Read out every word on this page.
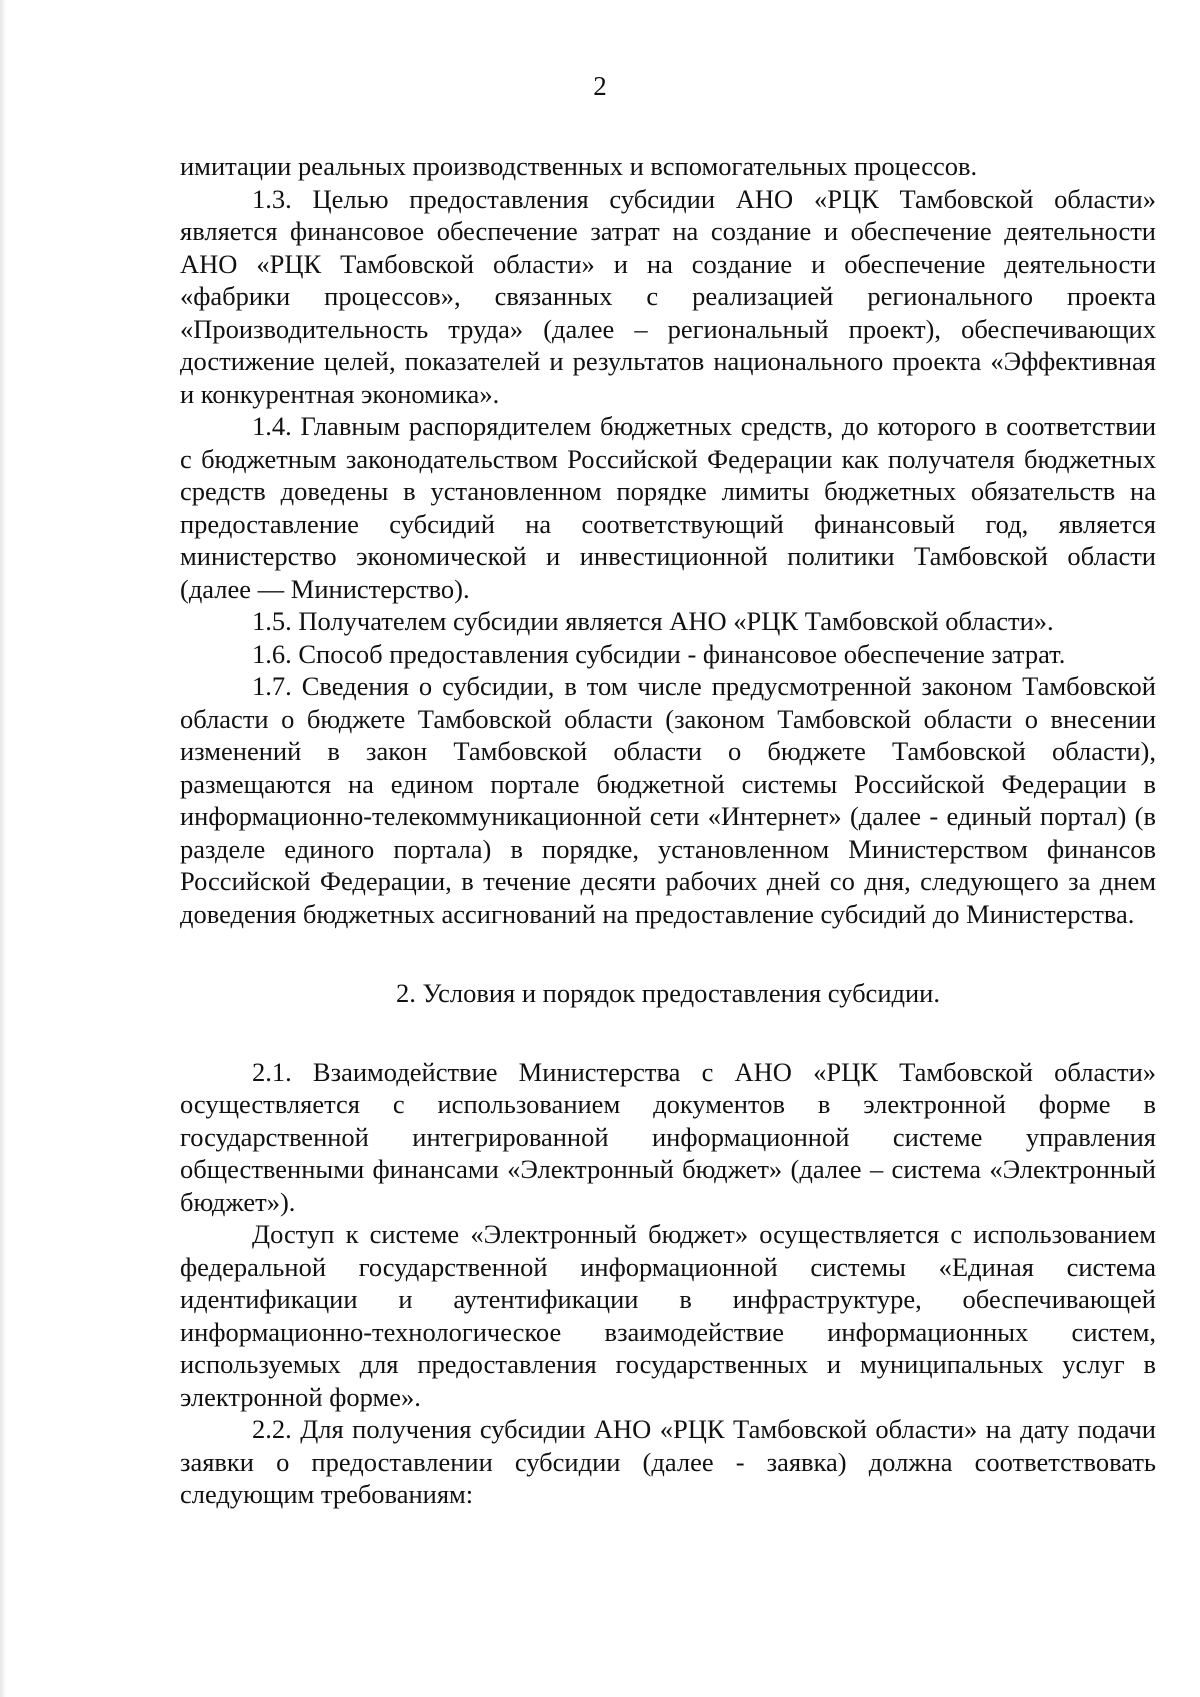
2

имитации реальных производственных и вспомогательных процессов.

1.3. Целью предоставления субсидии АНО «РЦК Тамбовской области» является финансовое обеспечение затрат на создание и обеспечение деятельности АНО «РЦК Тамбовской области» и на создание и обеспечение деятельности «фабрики процессов», связанных с реализацией регионального проекта «Производительность труда» (далее – региональный проект), обеспечивающих достижение целей, показателей и результатов национального проекта «Эффективная и конкурентная экономика».

1.4. Главным распорядителем бюджетных средств, до которого в соответствии с бюджетным законодательством Российской Федерации как получателя бюджетных средств доведены в установленном порядке лимиты бюджетных обязательств на предоставление субсидий на соответствующий финансовый год, является министерство экономической и инвестиционной политики Тамбовской области (далее — Министерство).

1.5. Получателем субсидии является АНО «РЦК Тамбовской области».

1.6. Способ предоставления субсидии - финансовое обеспечение затрат.

1.7. Сведения о субсидии, в том числе предусмотренной законом Тамбовской области о бюджете Тамбовской области (законом Тамбовской области о внесении изменений в закон Тамбовской области о бюджете Тамбовской области), размещаются на едином портале бюджетной системы Российской Федерации в информационно-телекоммуникационной сети «Интернет» (далее - единый портал) (в разделе единого портала) в порядке, установленном Министерством финансов Российской Федерации, в течение десяти рабочих дней со дня, следующего за днем доведения бюджетных ассигнований на предоставление субсидий до Министерства.

2. Условия и порядок предоставления субсидии.

2.1. Взаимодействие Министерства с АНО «РЦК Тамбовской области» осуществляется с использованием документов в электронной форме в государственной интегрированной информационной системе управления общественными финансами «Электронный бюджет» (далее – система «Электронный бюджет»).

Доступ к системе «Электронный бюджет» осуществляется с использованием федеральной государственной информационной системы «Единая система идентификации и аутентификации в инфраструктуре, обеспечивающей информационно-технологическое взаимодействие информационных систем, используемых для предоставления государственных и муниципальных услуг в электронной форме».

2.2. Для получения субсидии АНО «РЦК Тамбовской области» на дату подачи заявки о предоставлении субсидии (далее - заявка) должна соответствовать следующим требованиям:
